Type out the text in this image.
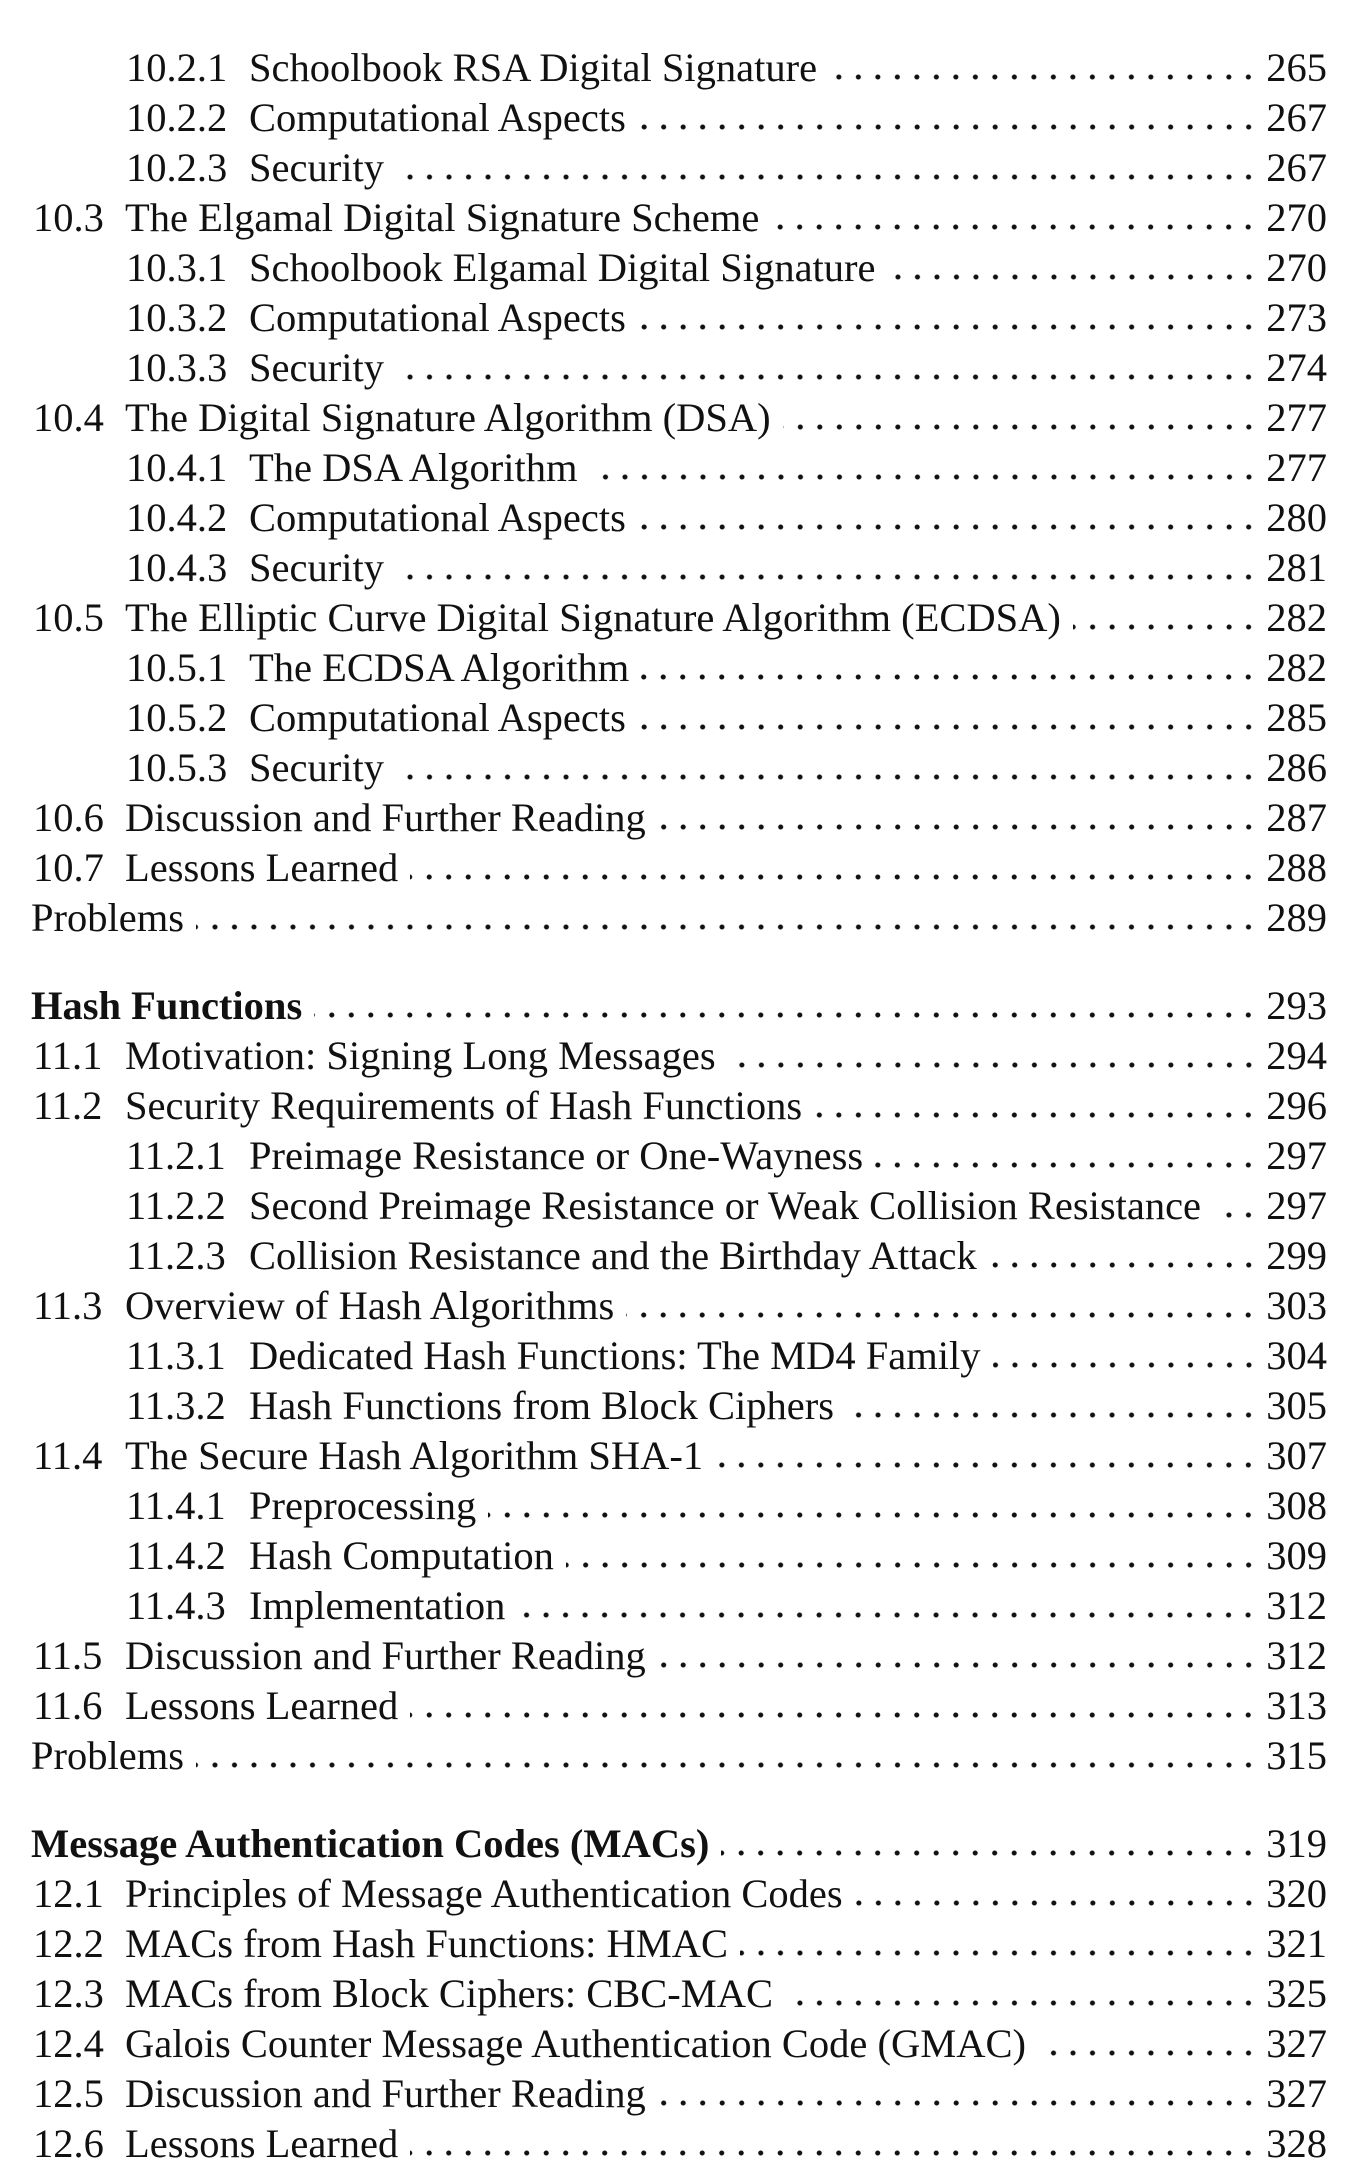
10.2.1 Schoolbook RSA Digital Signature	265
10.2.2 Computational Aspects	267
10.2.3 Security	267
10.3 The Elgamal Digital Signature Scheme	270
10.3.1 Schoolbook Elgamal Digital Signature	270
10.3.2 Computational Aspects	273
10.3.3 Security	274
10.4 The Digital Signature Algorithm (DSA)	277
10.4.1 The DSA Algorithm	277
10.4.2 Computational Aspects	280
10.4.3 Security	281
10.5 The Elliptic Curve Digital Signature Algorithm (ECDSA)	282
10.5.1 The ECDSA Algorithm	282
10.5.2 Computational Aspects	285
10.5.3 Security	286
10.6 Discussion and Further Reading	287
10.7 Lessons Learned	288
Problems	289
Hash Functions	293
11.1 Motivation: Signing Long Messages	294
11.2 Security Requirements of Hash Functions	296
11.2.1 Preimage Resistance or One-Wayness	297
11.2.2 Second Preimage Resistance or Weak Collision Resistance 297
11.2.3 Collision Resistance and the Birthday Attack	299
11.3 Overview of Hash Algorithms	303
11.3.1 Dedicated Hash Functions: The MD4 Family	304
11.3.2 Hash Functions from Block Ciphers	305
11.4 The Secure Hash Algorithm SHA-1	307
11.4.1 Preprocessing	308
11.4.2 Hash Computation	309
11.4.3 Implementation	312
11.5 Discussion and Further Reading	312
11.6 Lessons Learned	313
Problems	315
Message Authentication Codes (MACs)	319
12.1 Principles of Message Authentication Codes	320
12.2 MACs from Hash Functions: HMAC	321
12.3 MACs from Block Ciphers: CBC-MAC	325
12.4 Galois Counter Message Authentication Code (GMAC)	327
12.5 Discussion and Further Reading	327
12.6 Lessons Learned	328
